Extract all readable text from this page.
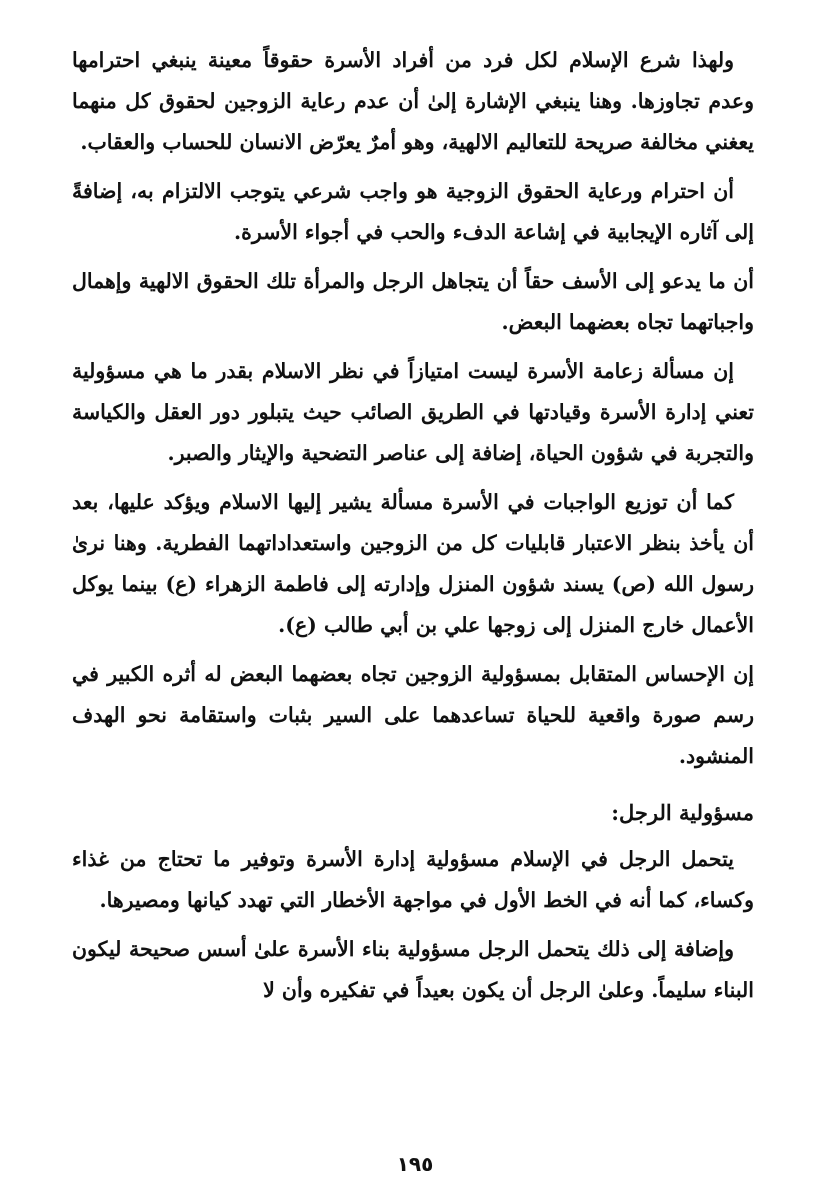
ولهذا شرع الإسلام لكل فرد من أفراد الأسرة حقوقاً معينة ينبغي احترامها وعدم تجاوزها. وهنا ينبغي الإشارة إلىٰ أن عدم رعاية الزوجين لحقوق كل منهما يعغني مخالفة صريحة للتعاليم الالهية، وهو أمرٌ يعرّض الانسان للحساب والعقاب.

أن احترام ورعاية الحقوق الزوجية هو واجب شرعي يتوجب الالتزام به، إضافةً إلى آثاره الإيجابية في إشاعة الدفء والحب في أجواء الأسرة.

أن ما يدعو إلى الأسف حقاً أن يتجاهل الرجل والمرأة تلك الحقوق الالهية وإهمال واجباتهما تجاه بعضهما البعض.

إن مسألة زعامة الأسرة ليست امتيازاً في نظر الاسلام بقدر ما هي مسؤولية تعني إدارة الأسرة وقيادتها في الطريق الصائب حيث يتبلور دور العقل والكياسة والتجربة في شؤون الحياة، إضافة إلى عناصر التضحية والإيثار والصبر.

كما أن توزيع الواجبات في الأسرة مسألة يشير إليها الاسلام ويؤكد عليها، بعد أن يأخذ بنظر الاعتبار قابليات كل من الزوجين واستعداداتهما الفطرية. وهنا نرىٰ رسول الله (ص) يسند شؤون المنزل وإدارته إلى فاطمة الزهراء (ع) بينما يوكل الأعمال خارج المنزل إلى زوجها علي بن أبي طالب (ع).

إن الإحساس المتقابل بمسؤولية الزوجين تجاه بعضهما البعض له أثره الكبير في رسم صورة واقعية للحياة تساعدهما على السير بثبات واستقامة نحو الهدف المنشود.

مسؤولية الرجل:

يتحمل الرجل في الإسلام مسؤولية إدارة الأسرة وتوفير ما تحتاج من غذاء وكساء، كما أنه في الخط الأول في مواجهة الأخطار التي تهدد كيانها ومصيرها.

وإضافة إلى ذلك يتحمل الرجل مسؤولية بناء الأسرة علىٰ أسس صحيحة ليكون البناء سليماً. وعلىٰ الرجل أن يكون بعيداً في تفكيره وأن لا

١٩٥
